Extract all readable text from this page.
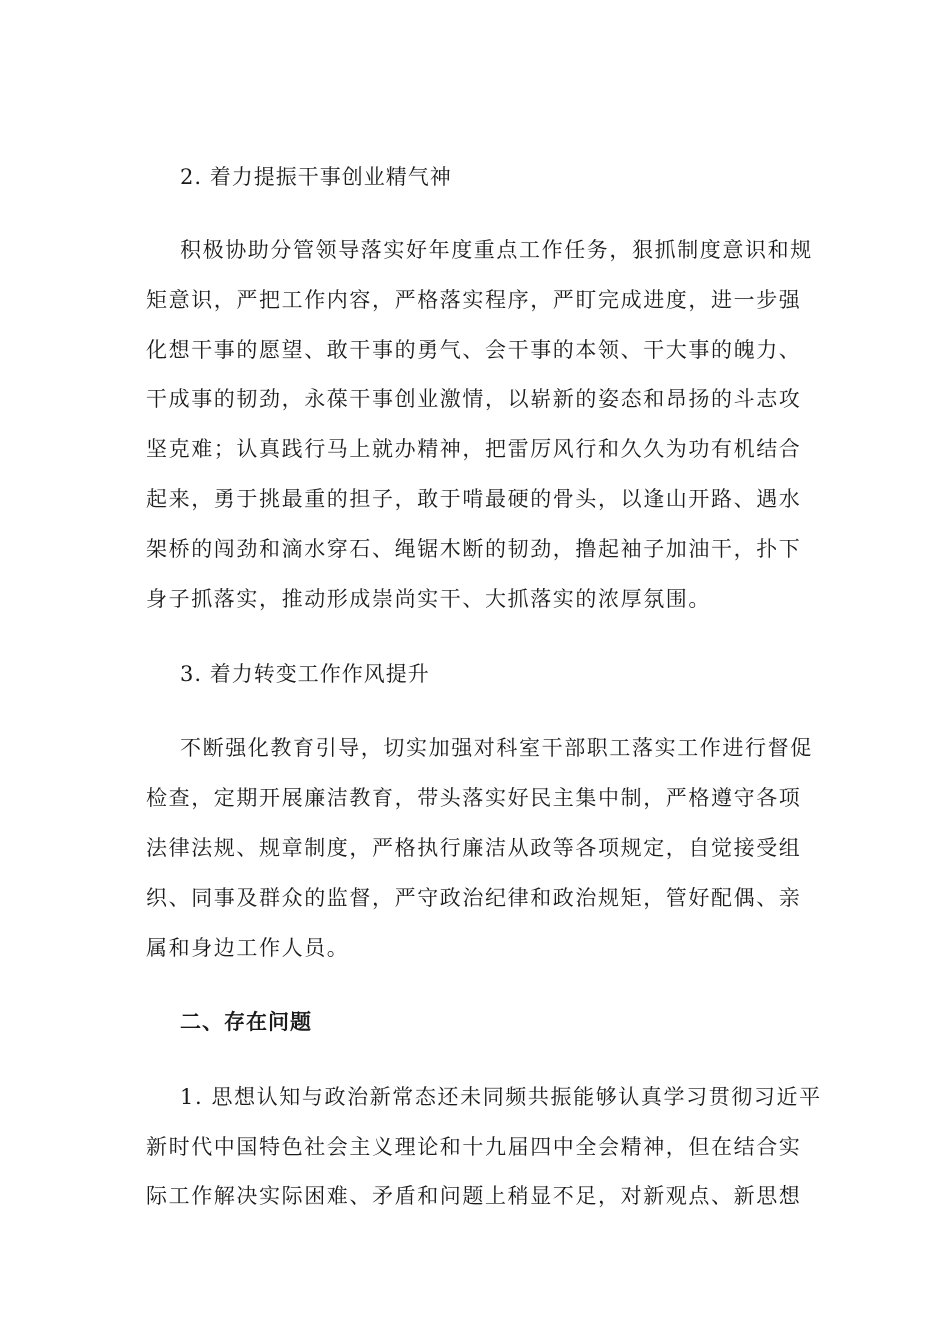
2. 着力提振干事创业精气神
积极协助分管领导落实好年度重点工作任务，狠抓制度意识和规
矩意识，严把工作内容，严格落实程序，严盯完成进度，进一步强
化想干事的愿望、敢干事的勇气、会干事的本领、干大事的魄力、
干成事的韧劲，永葆干事创业激情，以崭新的姿态和昂扬的斗志攻
坚克难；认真践行马上就办精神，把雷厉风行和久久为功有机结合
起来，勇于挑最重的担子，敢于啃最硬的骨头，以逢山开路、遇水
架桥的闯劲和滴水穿石、绳锯木断的韧劲，撸起袖子加油干，扑下
身子抓落实，推动形成崇尚实干、大抓落实的浓厚氛围。
3. 着力转变工作作风提升
不断强化教育引导，切实加强对科室干部职工落实工作进行督促
检查，定期开展廉洁教育，带头落实好民主集中制，严格遵守各项
法律法规、规章制度，严格执行廉洁从政等各项规定，自觉接受组
织、同事及群众的监督，严守政治纪律和政治规矩，管好配偶、亲
属和身边工作人员。
二、存在问题
1. 思想认知与政治新常态还未同频共振能够认真学习贯彻习近平
新时代中国特色社会主义理论和十九届四中全会精神，但在结合实
际工作解决实际困难、矛盾和问题上稍显不足，对新观点、新思想
